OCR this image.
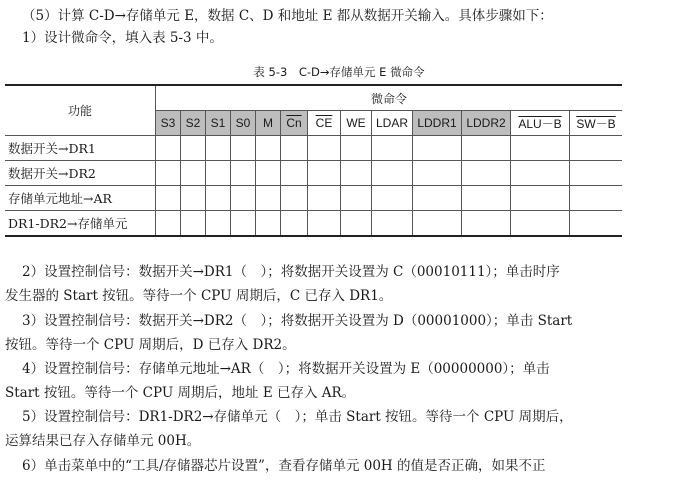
（5）计算 C-D→存储单元 E，数据 C、D 和地址 E 都从数据开关输入。具体步骤如下：
1）设计微命令，填入表 5-3 中。
表 5-3　C-D→存储单元 E 微命令
功能	微命令												
	S3	S2	S1	S0	M	$\overline{Cn}$	$\overline{CE}$	WE	LDAR	LDDR1	LDDR2	ALU－B	SW－B
数据开关→DR1													
数据开关→DR2													
存储单元地址→AR													
DR1-DR2→存储单元													
2）设置控制信号：数据开关→DR1（　）；将数据开关设置为 C（00010111）；单击时序
发生器的 Start 按钮。等待一个 CPU 周期后，C 已存入 DR1。
3）设置控制信号：数据开关→DR2（　）；将数据开关设置为 D（00001000）；单击 Start
按钮。等待一个 CPU 周期后，D 已存入 DR2。
4）设置控制信号：存储单元地址→AR（　）；将数据开关设置为 E（00000000）；单击
Start 按钮。等待一个 CPU 周期后，地址 E 已存入 AR。
5）设置控制信号：DR1-DR2→存储单元（　）；单击 Start 按钮。等待一个 CPU 周期后，
运算结果已存入存储单元 00H。
6）单击菜单中的“工具/存储器芯片设置”，查看存储单元 00H 的值是否正确，如果不正
